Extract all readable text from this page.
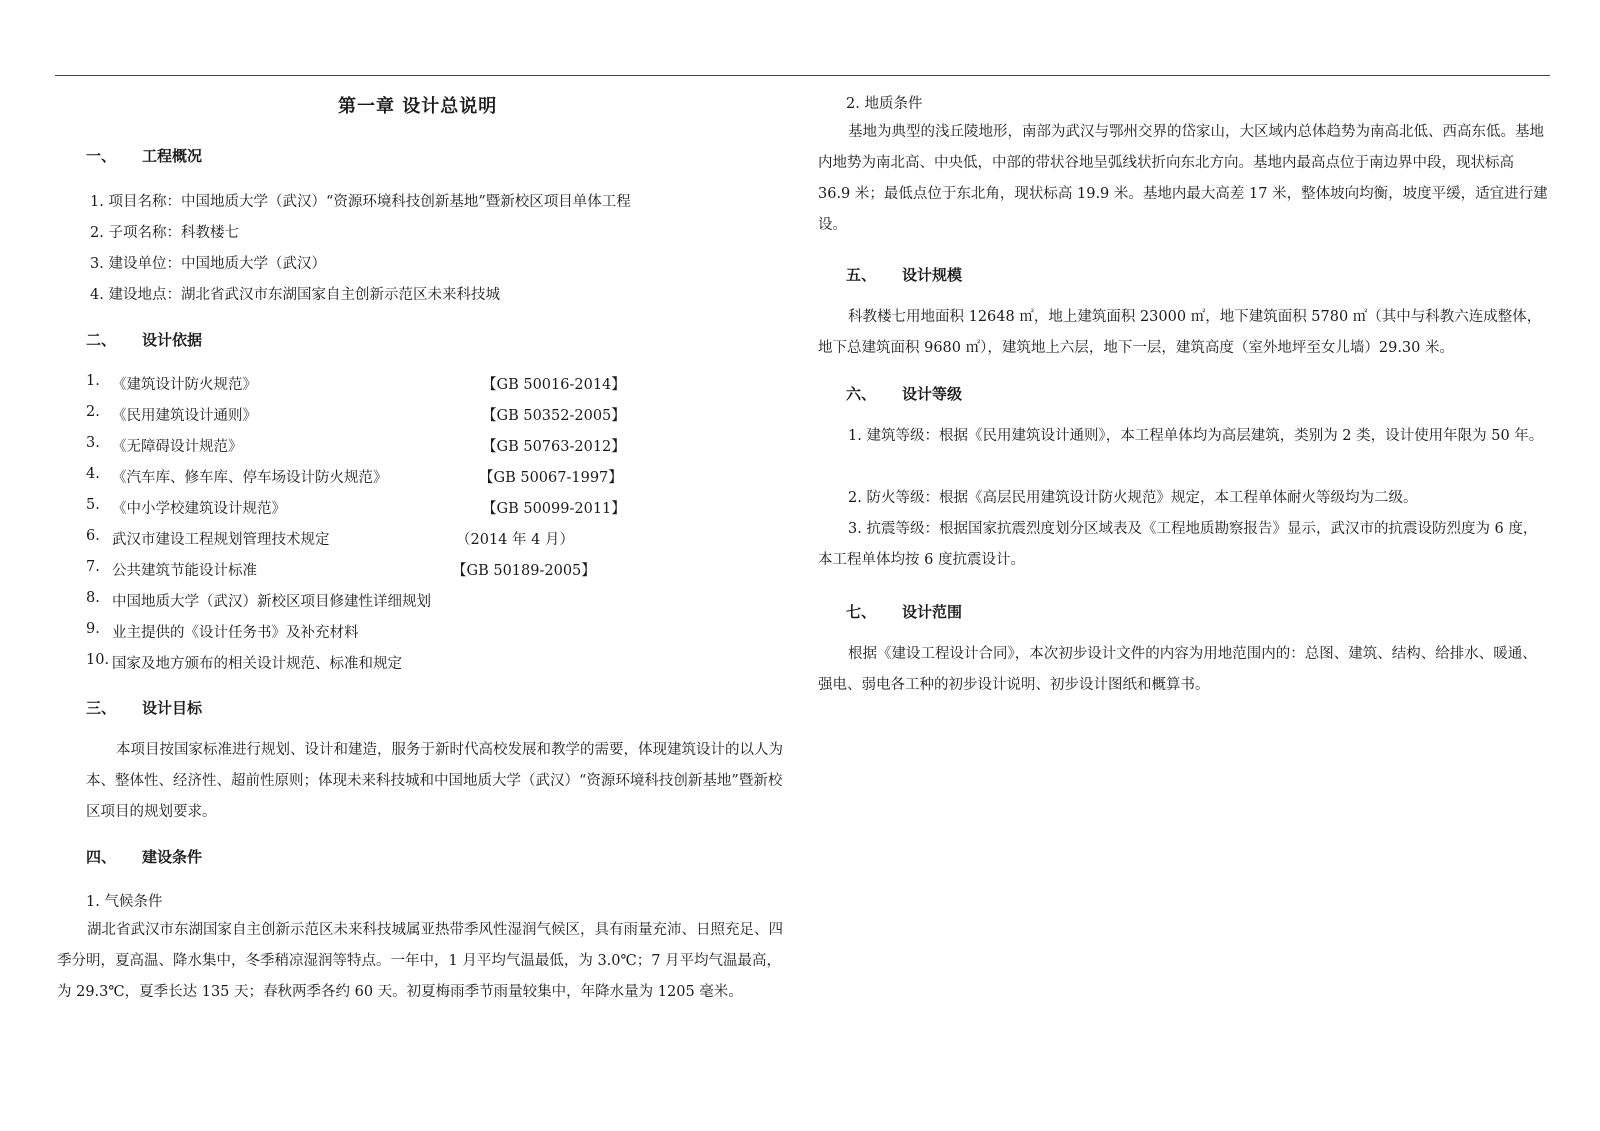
第一章 设计总说明
一、 工程概况
1. 项目名称：中国地质大学（武汉）“资源环境科技创新基地”暨新校区项目单体工程
2. 子项名称：科教楼七
3. 建设单位：中国地质大学（武汉）
4. 建设地点：湖北省武汉市东湖国家自主创新示范区未来科技城
二、 设计依据
1. 《建筑设计防火规范》	【GB 50016-2014】
2. 《民用建筑设计通则》	【GB 50352-2005】
3. 《无障碍设计规范》	【GB 50763-2012】
4. 《汽车库、修车库、停车场设计防火规范》	【GB 50067-1997】
5. 《中小学校建筑设计规范》	【GB 50099-2011】
6. 武汉市建设工程规划管理技术规定	（2014 年 4 月）
7. 公共建筑节能设计标准	【GB 50189-2005】
8. 中国地质大学（武汉）新校区项目修建性详细规划
9. 业主提供的《设计任务书》及补充材料
10. 国家及地方颁布的相关设计规范、标准和规定
三、 设计目标
本项目按国家标准进行规划、设计和建造，服务于新时代高校发展和教学的需要，体现建筑设计的以人为本、整体性、经济性、超前性原则；体现未来科技城和中国地质大学（武汉）“资源环境科技创新基地”暨新校区项目的规划要求。
四、 建设条件
1. 气候条件
湖北省武汉市东湖国家自主创新示范区未来科技城属亚热带季风性湿润气候区，具有雨量充沛、日照充足、四季分明，夏高温、降水集中，冬季稍凉湿润等特点。一年中，1 月平均气温最低，为 3.0℃；7 月平均气温最高，为 29.3℃，夏季长达 135 天；春秋两季各约 60 天。初夏梅雨季节雨量较集中，年降水量为 1205 毫米。
2. 地质条件
基地为典型的浅丘陵地形，南部为武汉与鄂州交界的岱家山，大区域内总体趋势为南高北低、西高东低。基地内地势为南北高、中央低，中部的带状谷地呈弧线状折向东北方向。基地内最高点位于南边界中段，现状标高 36.9 米；最低点位于东北角，现状标高 19.9 米。基地内最大高差 17 米，整体坡向均衡，坡度平缓，适宜进行建设。
五、 设计规模
科教楼七用地面积 12648 ㎡，地上建筑面积 23000 ㎡，地下建筑面积 5780 ㎡（其中与科教六连成整体，地下总建筑面积 9680 ㎡），建筑地上六层，地下一层，建筑高度（室外地坪至女儿墙）29.30 米。
六、 设计等级
1. 建筑等级：根据《民用建筑设计通则》，本工程单体均为高层建筑，类别为 2 类，设计使用年限为 50 年。
2. 防火等级：根据《高层民用建筑设计防火规范》规定，本工程单体耐火等级均为二级。
3. 抗震等级：根据国家抗震烈度划分区域表及《工程地质勘察报告》显示，武汉市的抗震设防烈度为 6 度，本工程单体均按 6 度抗震设计。
七、 设计范围
根据《建设工程设计合同》，本次初步设计文件的内容为用地范围内的：总图、建筑、结构、给排水、暖通、强电、弱电各工种的初步设计说明、初步设计图纸和概算书。
